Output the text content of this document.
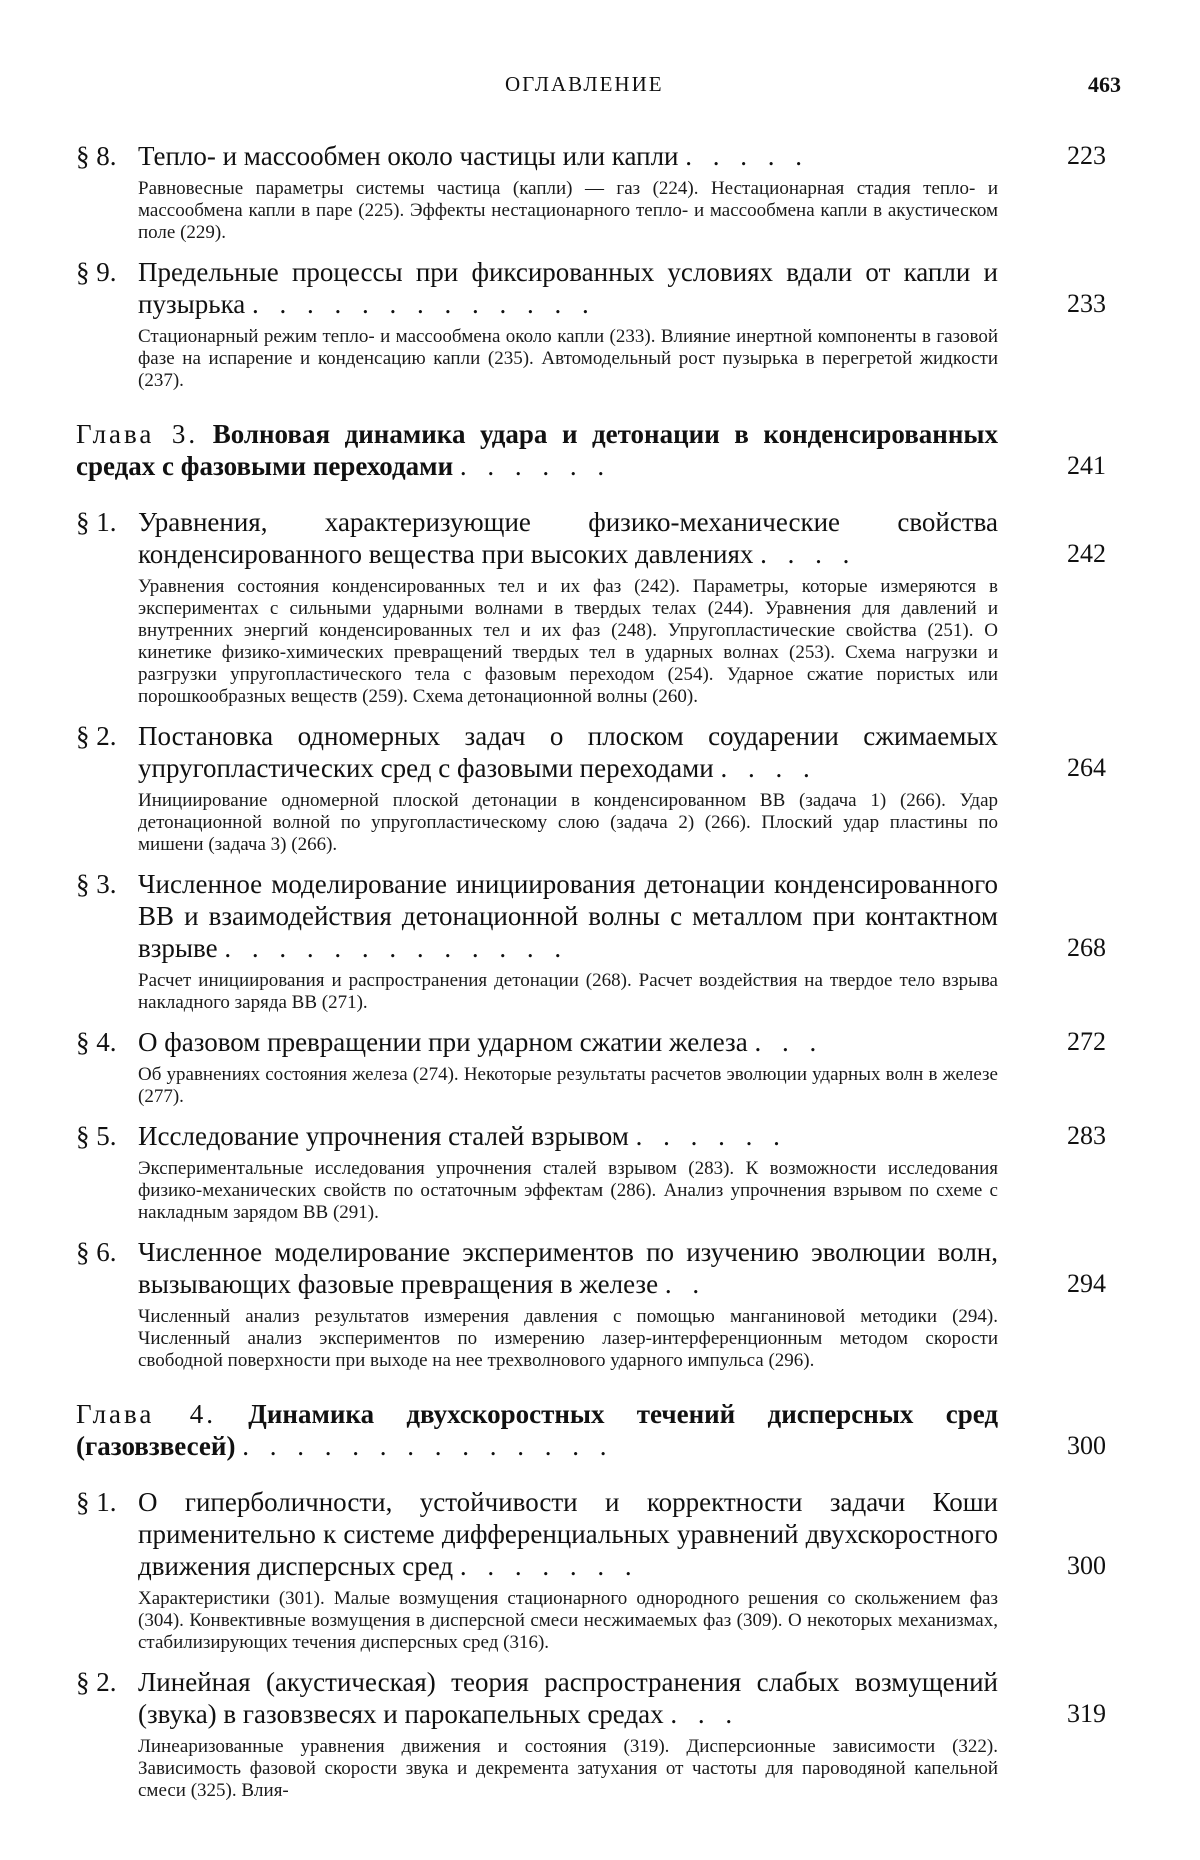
ОГЛАВЛЕНИЕ	463
§ 8. Тепло- и массообмен около частицы или капли . . . . .	223
Равновесные параметры системы частица (капли) — газ (224). Нестационарная стадия тепло- и массообмена капли в паре (225). Эффекты нестационарного тепло- и массообмена капли в акустическом поле (229).
§ 9. Предельные процессы при фиксированных условиях вдали от капли и пузырька . . . . . . . . . . . . .	233
Стационарный режим тепло- и массообмена около капли (233). Влияние инертной компоненты в газовой фазе на испарение и конденсацию капли (235). Автомодельный рост пузырька в перегретой жидкости (237).
Глава 3. Волновая динамика удара и детонации в конденсированных средах с фазовыми переходами . . . . . .	241
§ 1. Уравнения, характеризующие физико-механические свойства конденсированного вещества при высоких давлениях . . . .	242
Уравнения состояния конденсированных тел и их фаз (242). Параметры, которые измеряются в экспериментах с сильными ударными волнами в твердых телах (244). Уравнения для давлений и внутренних энергий конденсированных тел и их фаз (248). Упругопластические свойства (251). О кинетике физико-химических превращений твердых тел в ударных волнах (253). Схема нагрузки и разгрузки упругопластического тела с фазовым переходом (254). Ударное сжатие пористых или порошкообразных веществ (259). Схема детонационной волны (260).
§ 2. Постановка одномерных задач о плоском соударении сжимаемых упругопластических сред с фазовыми переходами . . . .	264
Инициирование одномерной плоской детонации в конденсированном ВВ (задача 1) (266). Удар детонационной волной по упругопластическому слою (задача 2) (266). Плоский удар пластины по мишени (задача 3) (266).
§ 3. Численное моделирование инициирования детонации конденсированного ВВ и взаимодействия детонационной волны с металлом при контактном взрыве . . . . . . . . . . . . .	268
Расчет инициирования и распространения детонации (268). Расчет воздействия на твердое тело взрыва накладного заряда ВВ (271).
§ 4. О фазовом превращении при ударном сжатии железа . . .	272
Об уравнениях состояния железа (274). Некоторые результаты расчетов эволюции ударных волн в железе (277).
§ 5. Исследование упрочнения сталей взрывом . . . . . .	283
Экспериментальные исследования упрочнения сталей взрывом (283). К возможности исследования физико-механических свойств по остаточным эффектам (286). Анализ упрочнения взрывом по схеме с накладным зарядом ВВ (291).
§ 6. Численное моделирование экспериментов по изучению эволюции волн, вызывающих фазовые превращения в железе . .	294
Численный анализ результатов измерения давления с помощью манганиновой методики (294). Численный анализ экспериментов по измерению лазер-интерференционным методом скорости свободной поверхности при выходе на нее трехволнового ударного импульса (296).
Глава 4. Динамика двухскоростных течений дисперсных сред (газовзвесей) . . . . . . . . . . . . . .	300
§ 1. О гиперболичности, устойчивости и корректности задачи Коши применительно к системе дифференциальных уравнений двухскоростного движения дисперсных сред . . . . . . .	300
Характеристики (301). Малые возмущения стационарного однородного решения со скольжением фаз (304). Конвективные возмущения в дисперсной смеси несжимаемых фаз (309). О некоторых механизмах, стабилизирующих течения дисперсных сред (316).
§ 2. Линейная (акустическая) теория распространения слабых возмущений (звука) в газовзвесях и парокапельных средах . . .	319
Линеаризованные уравнения движения и состояния (319). Дисперсионные зависимости (322). Зависимость фазовой скорости звука и декремента затухания от частоты для пароводяной капельной смеси (325). Влия-
